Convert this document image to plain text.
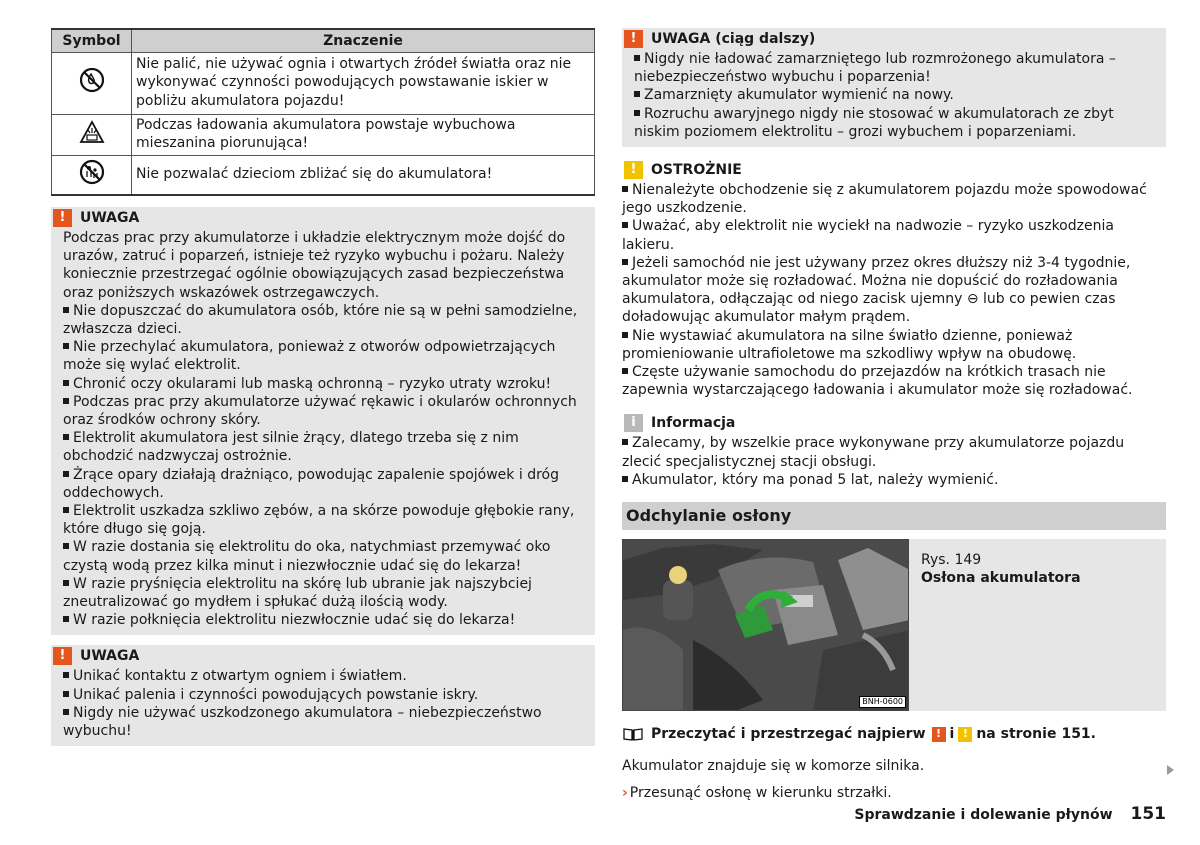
Symbol	Znaczenie
	Nie palić, nie używać ognia i otwartych źródeł światła oraz nie wykonywać czynności powodujących powstawanie iskier w pobliżu akumulatora pojazdu!
	Podczas ładowania akumulatora powstaje wybuchowa mieszanina piorunująca!
	Nie pozwalać dzieciom zbliżać się do akumulatora!
!	UWAGA

Podczas prac przy akumulatorze i układzie elektrycznym może dojść do urazów, zatruć i poparzeń, istnieje też ryzyko wybuchu i pożaru. Należy koniecznie przestrzegać ogólnie obowiązujących zasad bezpieczeństwa oraz poniższych wskazówek ostrzegawczych.

Nie dopuszczać do akumulatora osób, które nie są w pełni samodzielne, zwłaszcza dzieci.

Nie przechylać akumulatora, ponieważ z otworów odpowietrzających może się wylać elektrolit.

Chronić oczy okularami lub maską ochronną – ryzyko utraty wzroku!

Podczas prac przy akumulatorze używać rękawic i okularów ochronnych oraz środków ochrony skóry.

Elektrolit akumulatora jest silnie żrący, dlatego trzeba się z nim obchodzić nadzwyczaj ostrożnie.

Żrące opary działają drażniąco, powodując zapalenie spojówek i dróg oddechowych.

Elektrolit uszkadza szkliwo zębów, a na skórze powoduje głębokie rany, które długo się goją.

W razie dostania się elektrolitu do oka, natychmiast przemywać oko czystą wodą przez kilka minut i niezwłocznie udać się do lekarza!

W razie pryśnięcia elektrolitu na skórę lub ubranie jak najszybciej zneutralizować go mydłem i spłukać dużą ilością wody.

W razie połknięcia elektrolitu niezwłocznie udać się do lekarza!

!	UWAGA

Unikać kontaktu z otwartym ogniem i światłem.

Unikać palenia i czynności powodujących powstanie iskry.

Nigdy nie używać uszkodzonego akumulatora – niebezpieczeństwo wybuchu!

!	UWAGA (ciąg dalszy)

Nigdy nie ładować zamarzniętego lub rozmrożonego akumulatora – niebezpieczeństwo wybuchu i poparzenia!

Zamarznięty akumulator wymienić na nowy.

Rozruchu awaryjnego nigdy nie stosować w akumulatorach ze zbyt niskim poziomem elektrolitu – grozi wybuchem i poparzeniami.

!	OSTROŻNIE

Nienależyte obchodzenie się z akumulatorem pojazdu może spowodować jego uszkodzenie.

Uważać, aby elektrolit nie wyciekł na nadwozie – ryzyko uszkodzenia lakieru.

Jeżeli samochód nie jest używany przez okres dłuższy niż 3-4 tygodnie, akumulator może się rozładować. Można nie dopuścić do rozładowania akumulatora, odłączając od niego zacisk ujemny ⊖ lub co pewien czas doładowując akumulator małym prądem.

Nie wystawiać akumulatora na silne światło dzienne, ponieważ promieniowanie ultrafioletowe ma szkodliwy wpływ na obudowę.

Częste używanie samochodu do przejazdów na krótkich trasach nie zapewnia wystarczającego ładowania i akumulator może się rozładować.

i	Informacja

Zalecamy, by wszelkie prace wykonywane przy akumulatorze pojazdu zlecić specjalistycznej stacji obsługi.

Akumulator, który ma ponad 5 lat, należy wymienić.

Odchylanie osłony
BNH-0600
Rys. 149
Osłona akumulatora
Przeczytać i przestrzegać najpierw ! i ! na stronie 151.

Akumulator znajduje się w komorze silnika.

› Przesunąć osłonę w kierunku strzałki.

Sprawdzanie i dolewanie płynów 151
